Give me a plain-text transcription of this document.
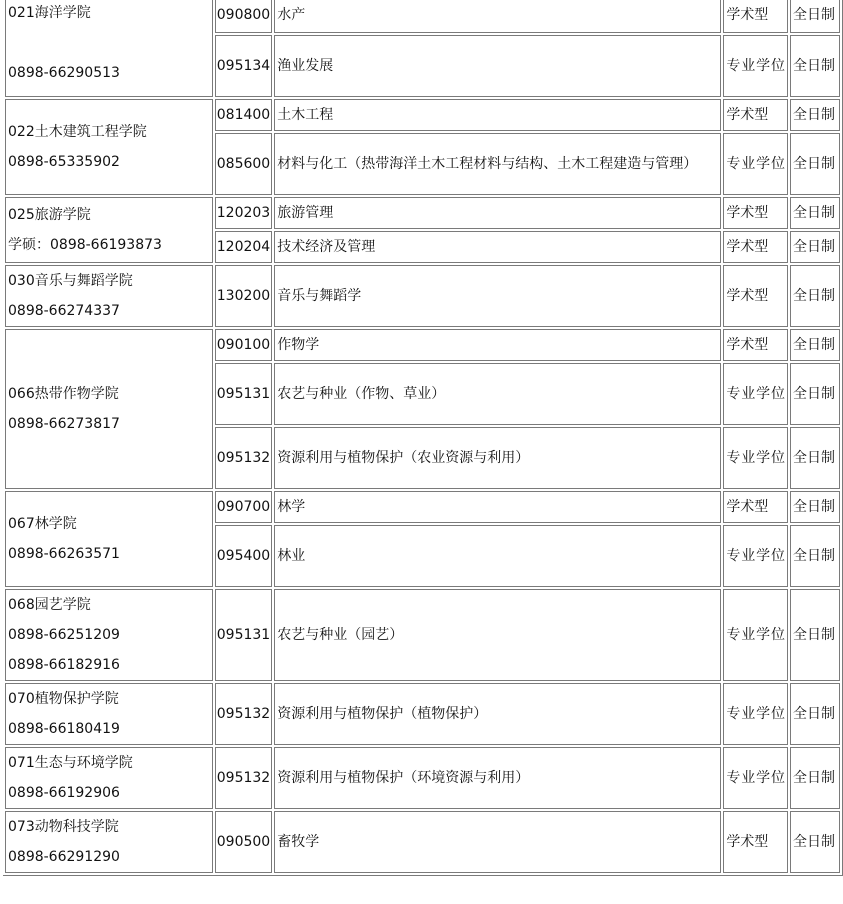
021海洋学院
0898-66290513	090800	水产	学术型	全日制
	095134	渔业发展	专业学位	全日制

022土木建筑工程学院
0898-65335902	081400	土木工程	学术型	全日制
	085600	材料与化工（热带海洋土木工程材料与结构、土木工程建造与管理）	专业学位	全日制

025旅游学院
学硕：0898-66193873	120203	旅游管理	学术型	全日制
	120204	技术经济及管理	学术型	全日制

030音乐与舞蹈学院
0898-66274337	130200	音乐与舞蹈学	学术型	全日制

066热带作物学院
0898-66273817	090100	作物学	学术型	全日制
	095131	农艺与种业（作物、草业）	专业学位	全日制
	095132	资源利用与植物保护（农业资源与利用）	专业学位	全日制

067林学院
0898-66263571	090700	林学	学术型	全日制
	095400	林业	专业学位	全日制

068园艺学院
0898-66251209
0898-66182916	095131	农艺与种业（园艺）	专业学位	全日制

070植物保护学院
0898-66180419	095132	资源利用与植物保护（植物保护）	专业学位	全日制

071生态与环境学院
0898-66192906	095132	资源利用与植物保护（环境资源与利用）	专业学位	全日制

073动物科技学院
0898-66291290	090500	畜牧学	学术型	全日制
